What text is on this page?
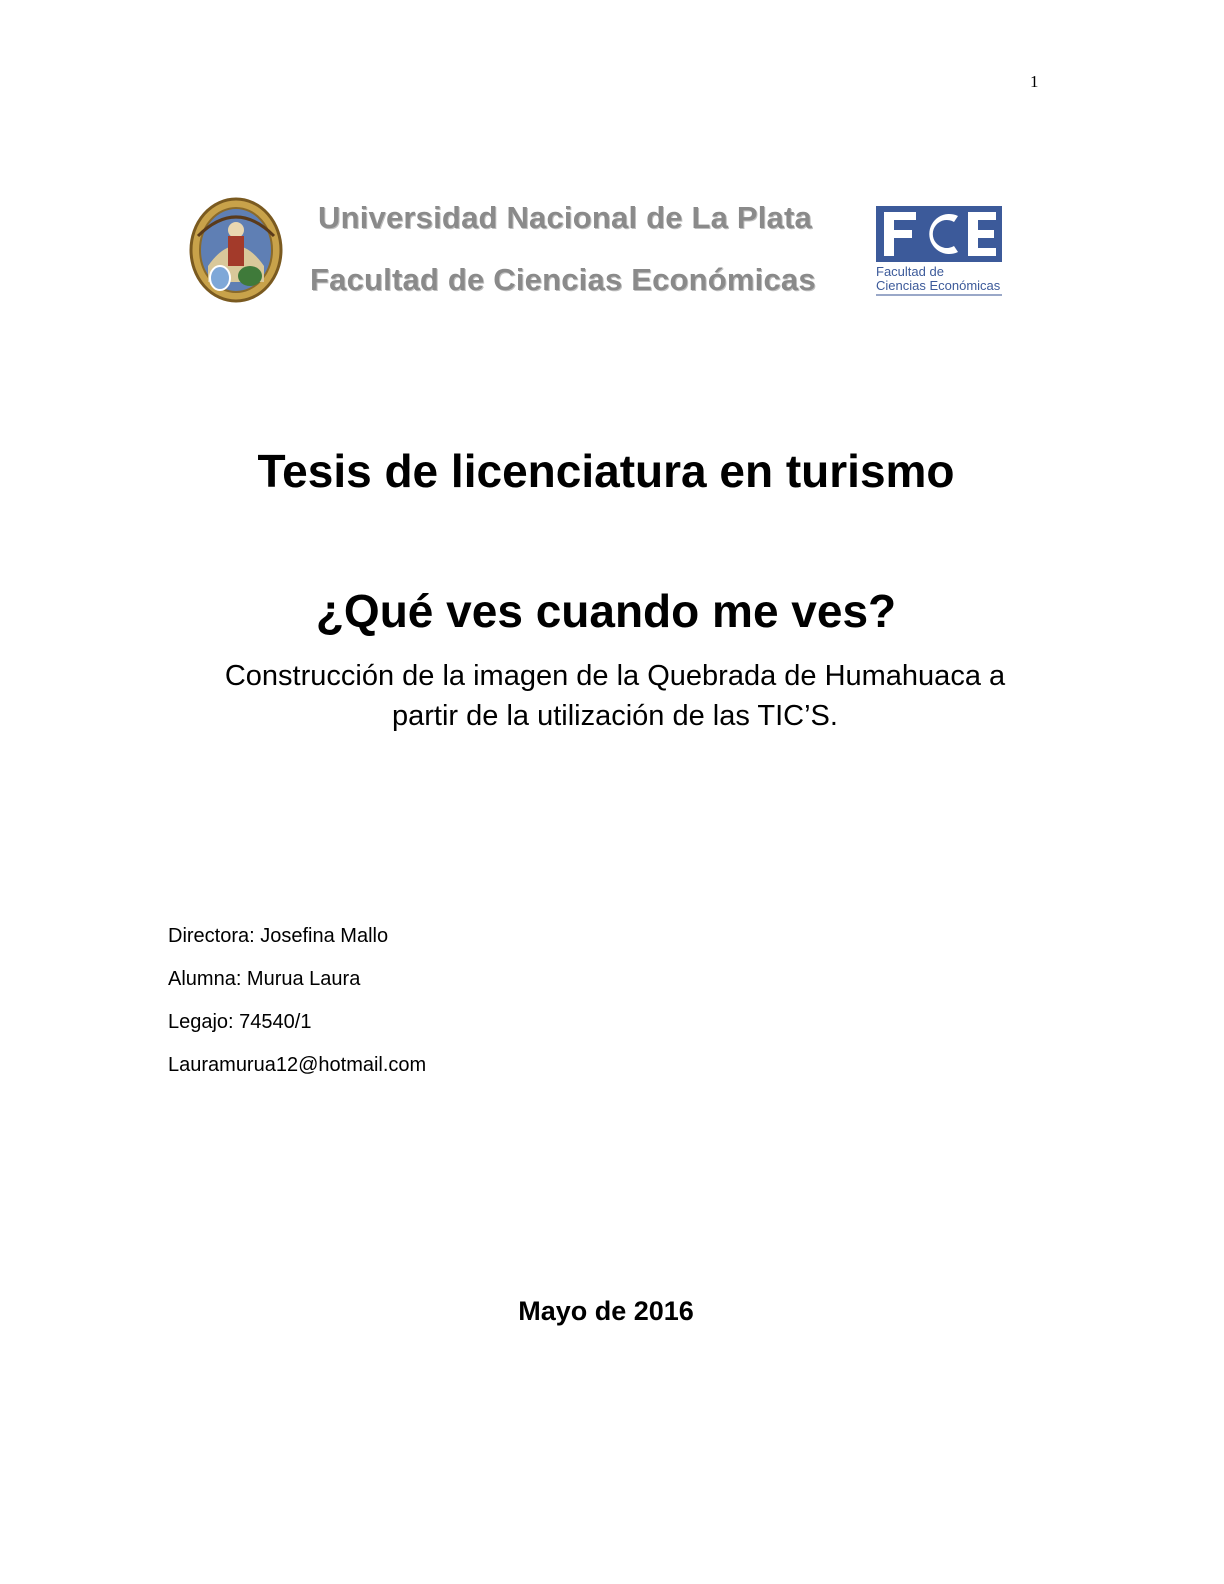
1
Universidad Nacional de La Plata
Facultad de Ciencias Económicas	Facultad de
Ciencias Económicas
Tesis de licenciatura en turismo
¿Qué ves cuando me ves?
Construcción de la imagen de la Quebrada de Humahuaca a
partir de la utilización de las TIC’S.
Directora: Josefina Mallo
Alumna: Murua Laura
Legajo: 74540/1
Lauramurua12@hotmail.com
Mayo de 2016
